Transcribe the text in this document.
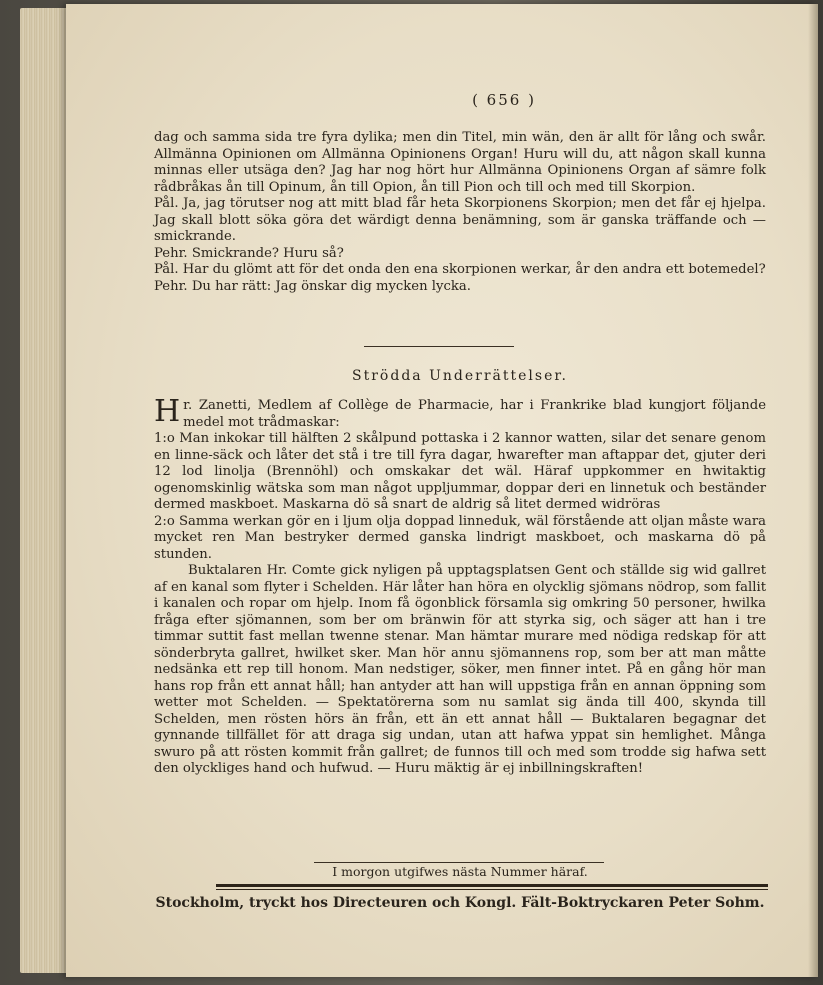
( 656 )

dag och samma sida tre fyra dylika; men din Titel, min wän, den är allt för lång och swår. Allmänna Opinionen om Allmänna Opinionens Organ! Huru will du, att någon skall kunna minnas eller utsäga den? Jag har nog hört hur Allmänna Opinionens Organ af sämre folk rådbråkas ån till Opinum, ån till Opion, ån till Pion och till och med till Skorpion.

Pål. Ja, jag törutser nog att mitt blad får heta Skorpionens Skorpion; men det får ej hjelpa. Jag skall blott söka göra det wärdigt denna benämning, som är ganska träffande och — smickrande.

Pehr. Smickrande? Huru så?

Pål. Har du glömt att för det onda den ena skorpionen werkar, år den andra ett botemedel?

Pehr. Du har rätt: Jag önskar dig mycken lycka.

Strödda Underrättelser.

H r. Zanetti, Medlem af Collège de Pharmacie, har i Frankrike blad kungjort följande medel mot trådmaskar:

1:o Man inkokar till hälften 2 skålpund pottaska i 2 kannor watten, silar det senare genom en linne-säck och låter det stå i tre till fyra dagar, hwarefter man aftappar det, gjuter deri 12 lod linolja (Brennöhl) och omskakar det wäl. Häraf uppkommer en hwitaktig ogenomskinlig wätska som man något uppljummar, doppar deri en linnetuk och beständer dermed maskboet. Maskarna dö så snart de aldrig så litet dermed widröras

2:o Samma werkan gör en i ljum olja doppad linneduk, wäl förstående att oljan måste wara mycket ren Man bestryker dermed ganska lindrigt maskboet, och maskarna dö på stunden.

Buktalaren Hr. Comte gick nyligen på upptagsplatsen Gent och ställde sig wid gallret af en kanal som flyter i Schelden. Här låter han höra en olycklig sjömans nödrop, som fallit i kanalen och ropar om hjelp. Inom få ögonblick församla sig omkring 50 personer, hwilka fråga efter sjömannen, som ber om bränwin för att styrka sig, och säger att han i tre timmar suttit fast mellan twenne stenar. Man hämtar murare med nödiga redskap för att sönderbryta gallret, hwilket sker. Man hör annu sjömannens rop, som ber att man måtte nedsänka ett rep till honom. Man nedstiger, söker, men finner intet. På en gång hör man hans rop från ett annat håll; han antyder att han will uppstiga från en annan öppning som wetter mot Schelden. — Spektatörerna som nu samlat sig ända till 400, skynda till Schelden, men rösten hörs än från, ett än ett annat håll — Buktalaren begagnar det gynnande tillfället för att draga sig undan, utan att hafwa yppat sin hemlighet. Många swuro på att rösten kommit från gallret; de funnos till och med som trodde sig hafwa sett den olyckliges hand och hufwud. — Huru mäktig är ej inbillningskraften!

I morgon utgifwes nästa Nummer häraf.
Stockholm, tryckt hos Directeuren och Kongl. Fält-Boktryckaren Peter Sohm.
